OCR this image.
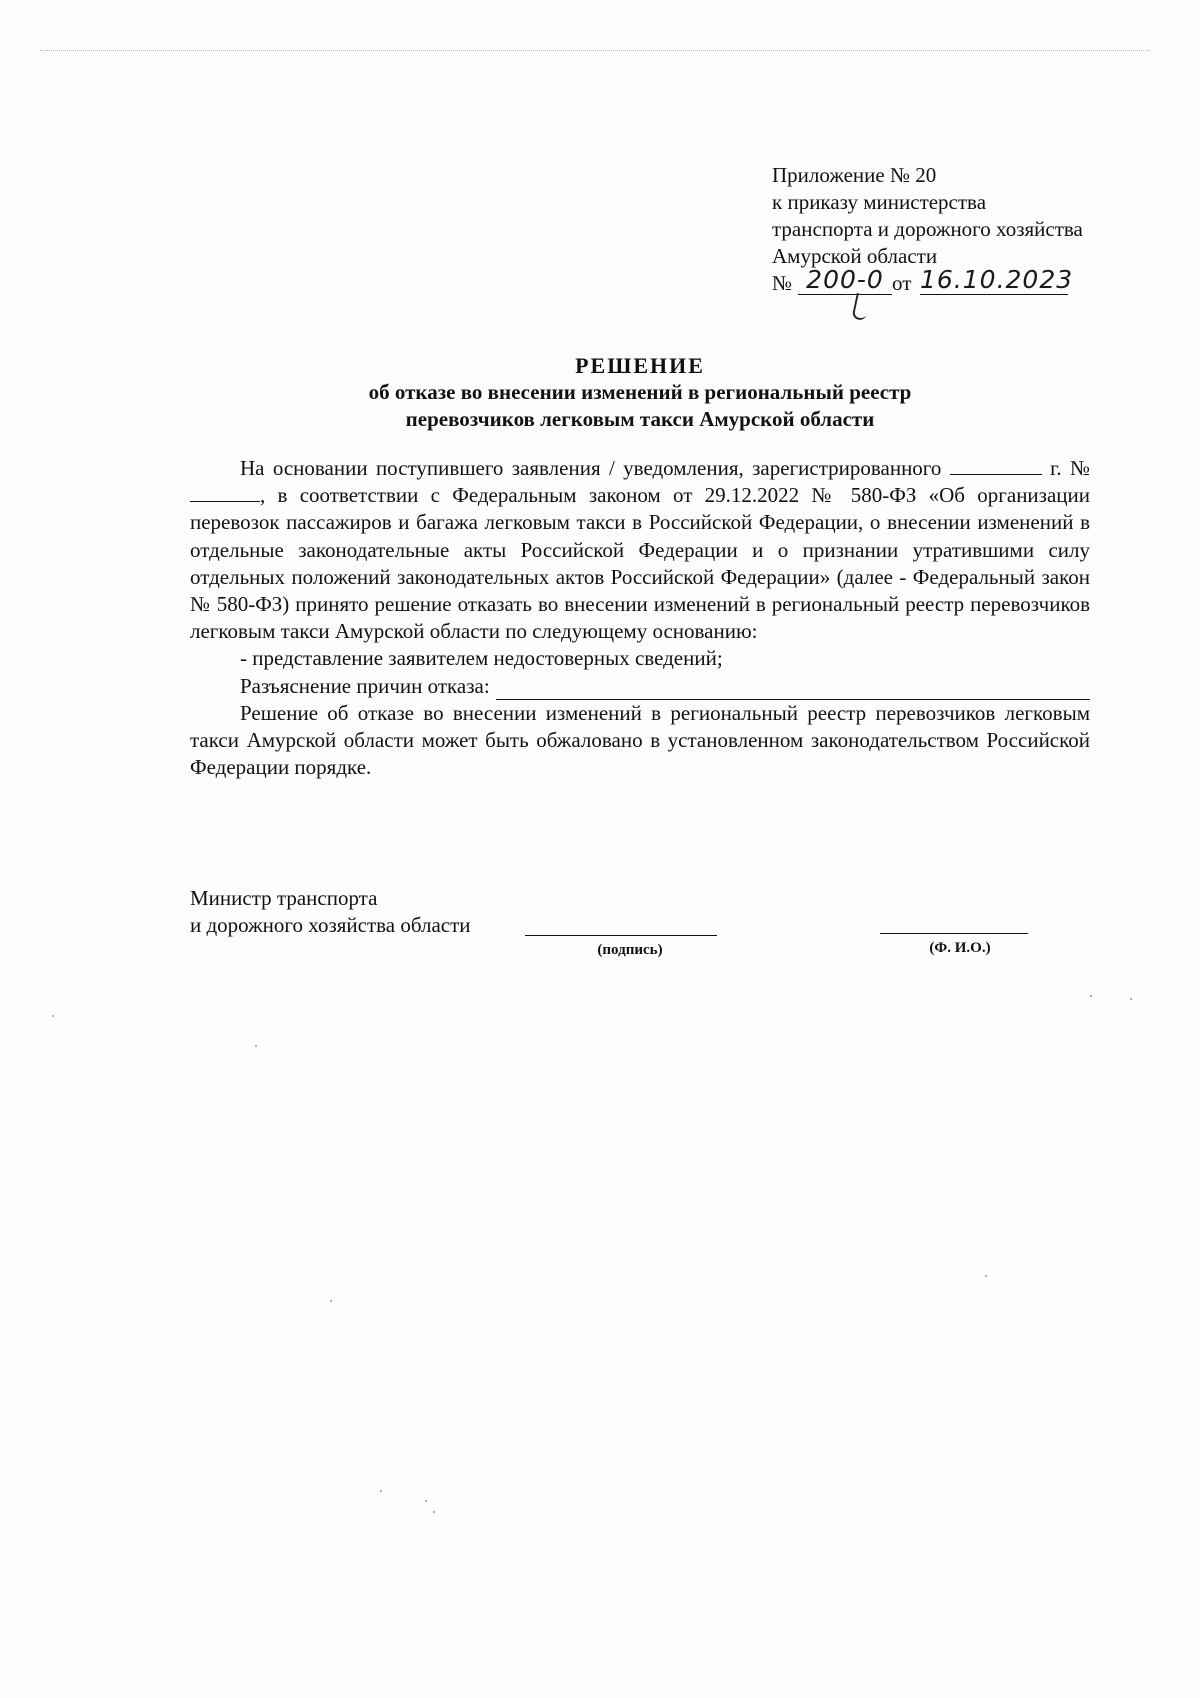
Приложение № 20
к приказу министерства
транспорта и дорожного хозяйства
Амурской области
№ 200-0 от 16.10.2023
РЕШЕНИЕ
об отказе во внесении изменений в региональный реестр
перевозчиков легковым такси Амурской области

На основании поступившего заявления / уведомления, зарегистрированного	г. № , в соответствии с Федеральным законом от 29.12.2022 № 580-ФЗ «Об организации перевозок пассажиров и багажа легковым такси в Российской Федерации, о внесении изменений в отдельные законодательные акты Российской Федерации и о признании утратившими силу отдельных положений законодательных актов Российской Федерации» (далее - Федеральный закон № 580-ФЗ) принято решение отказать во внесении изменений в региональный реестр перевозчиков легковым такси Амурской области по следующему основанию:

- представление заявителем недостоверных сведений;

Разъяснение причин отказа:

Решение об отказе во внесении изменений в региональный реестр перевозчиков легковым такси Амурской области может быть обжаловано в установленном законодательством Российской Федерации порядке.

Министр транспорта
и дорожного хозяйства области
(подпись)	(Ф. И.О.)
